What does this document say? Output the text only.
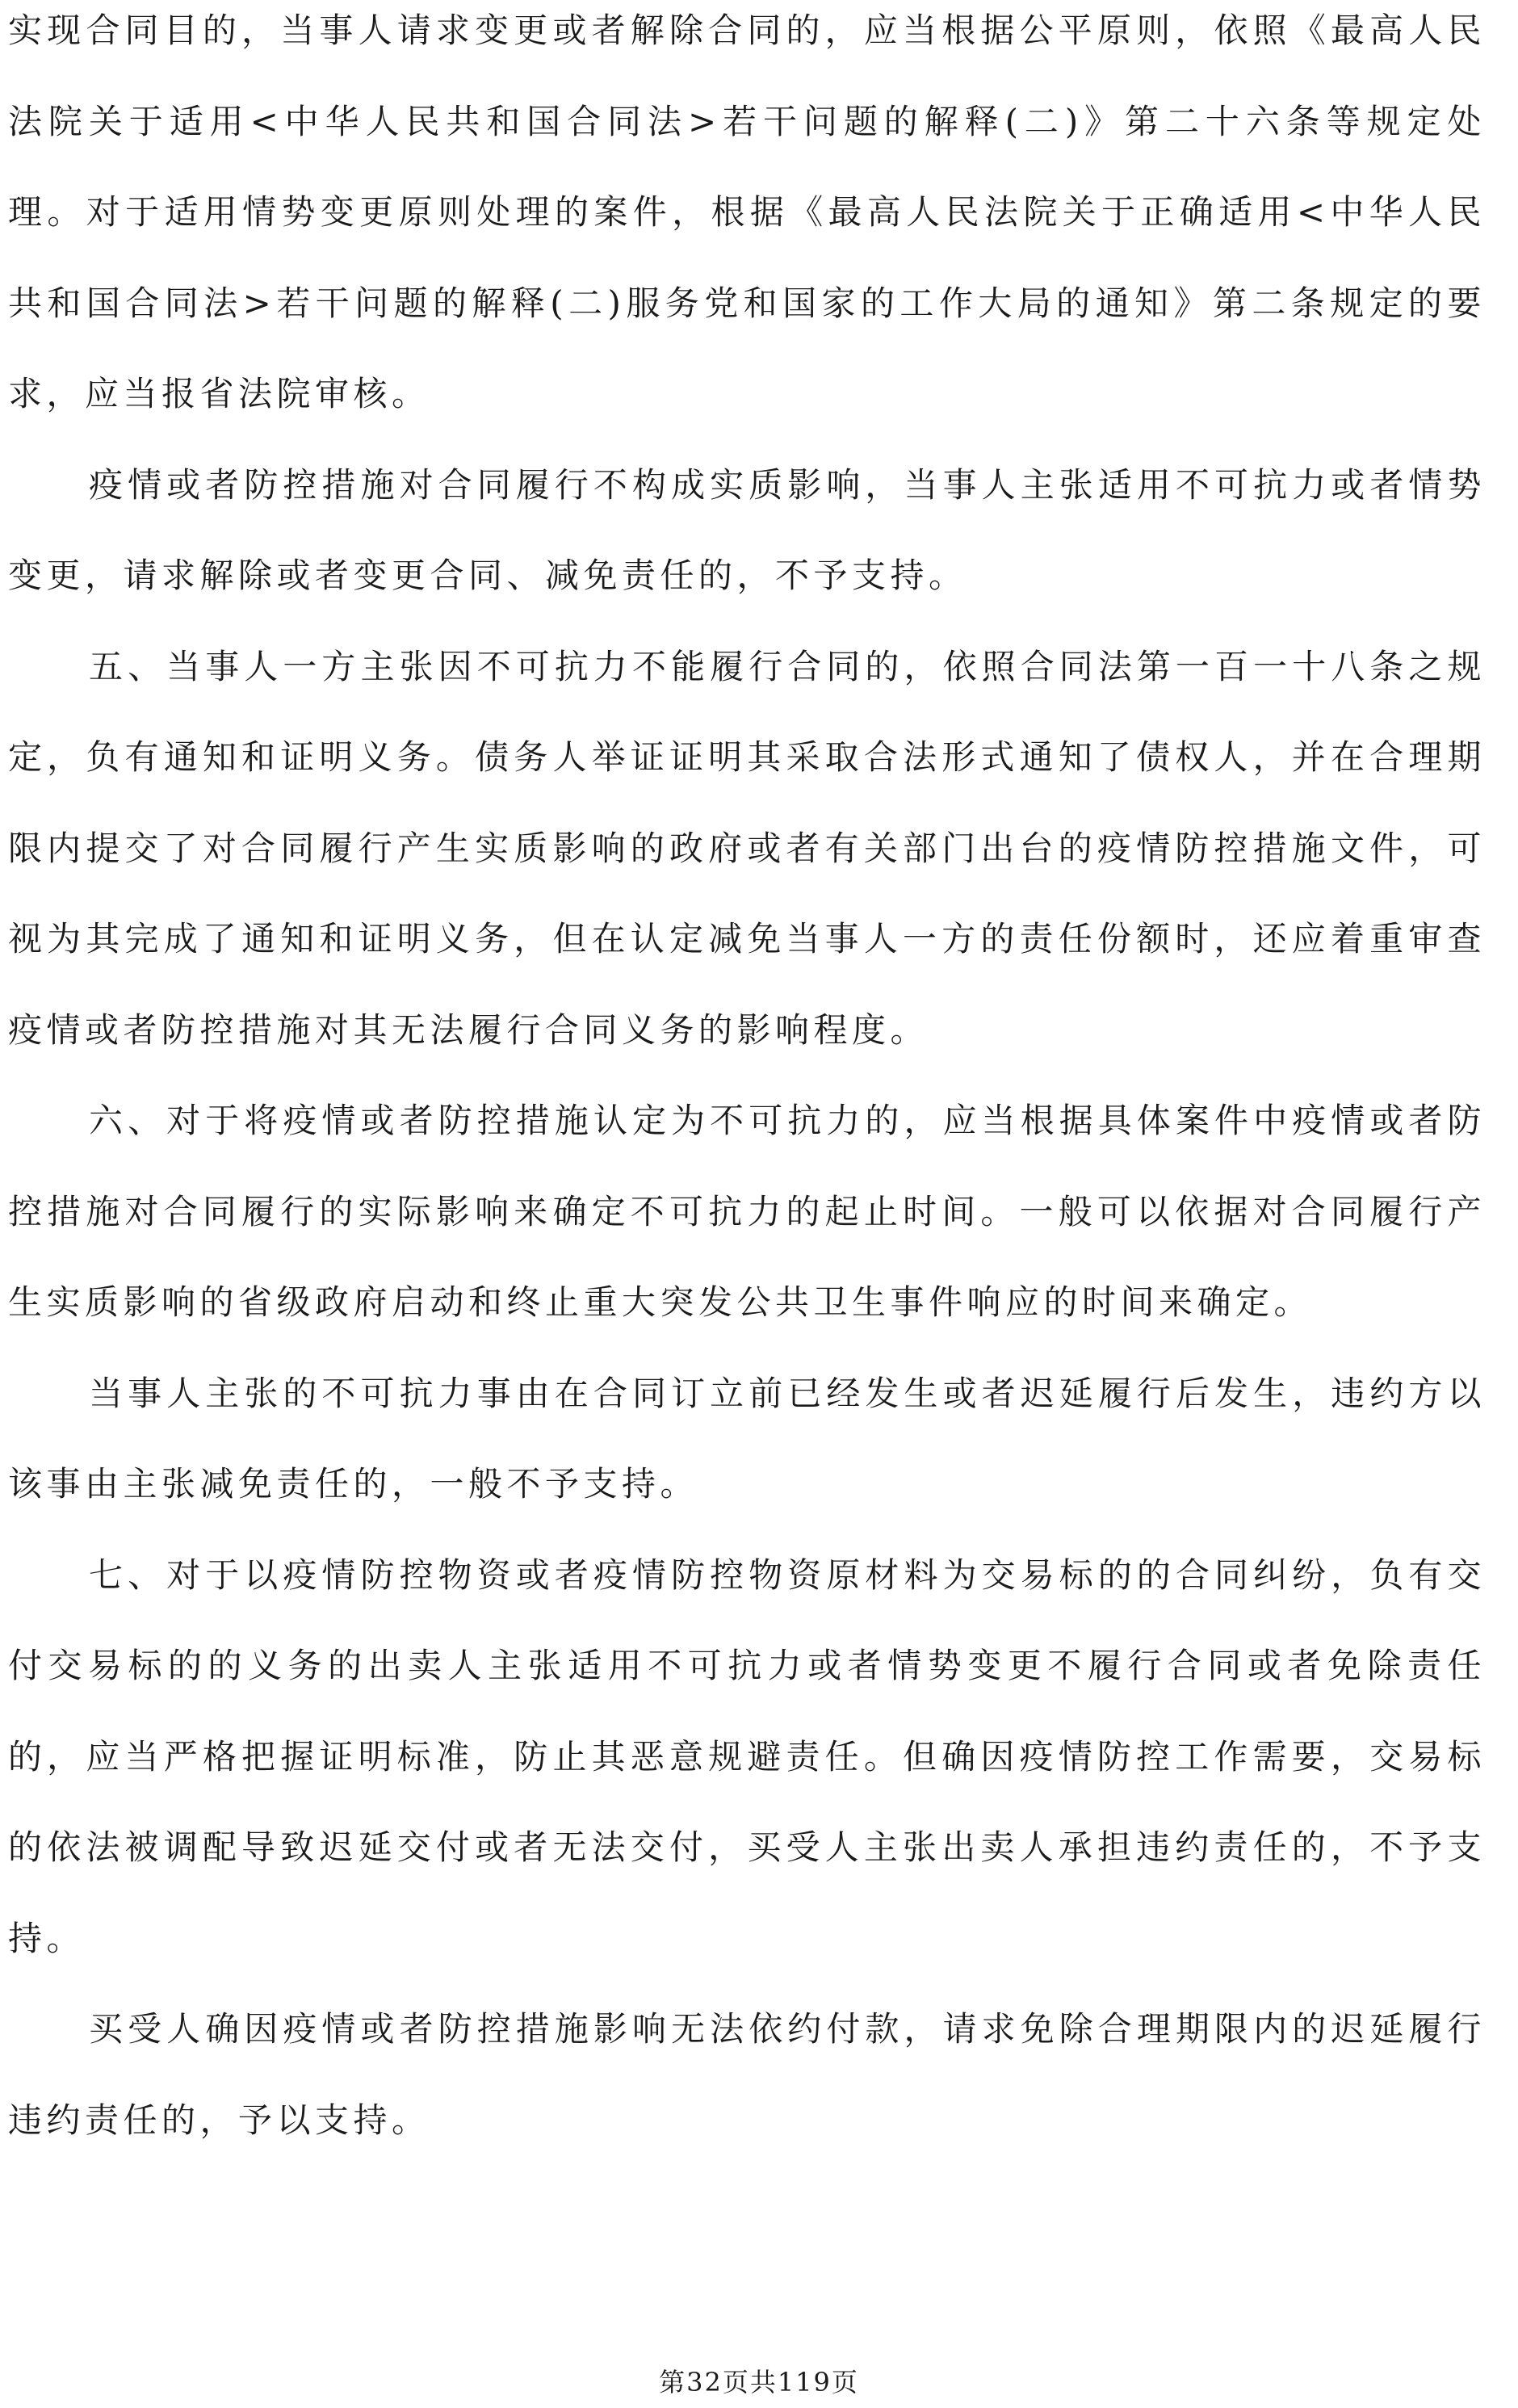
实现合同目的，当事人请求变更或者解除合同的，应当根据公平原则，依照《最高人民法院关于适用<中华人民共和国合同法>若干问题的解释(二)》第二十六条等规定处理。对于适用情势变更原则处理的案件，根据《最高人民法院关于正确适用<中华人民共和国合同法>若干问题的解释(二)服务党和国家的工作大局的通知》第二条规定的要求，应当报省法院审核。

疫情或者防控措施对合同履行不构成实质影响，当事人主张适用不可抗力或者情势变更，请求解除或者变更合同、减免责任的，不予支持。

五、当事人一方主张因不可抗力不能履行合同的，依照合同法第一百一十八条之规定，负有通知和证明义务。债务人举证证明其采取合法形式通知了债权人，并在合理期限内提交了对合同履行产生实质影响的政府或者有关部门出台的疫情防控措施文件，可视为其完成了通知和证明义务，但在认定减免当事人一方的责任份额时，还应着重审查疫情或者防控措施对其无法履行合同义务的影响程度。

六、对于将疫情或者防控措施认定为不可抗力的，应当根据具体案件中疫情或者防控措施对合同履行的实际影响来确定不可抗力的起止时间。一般可以依据对合同履行产生实质影响的省级政府启动和终止重大突发公共卫生事件响应的时间来确定。

当事人主张的不可抗力事由在合同订立前已经发生或者迟延履行后发生，违约方以该事由主张减免责任的，一般不予支持。

七、对于以疫情防控物资或者疫情防控物资原材料为交易标的的合同纠纷，负有交付交易标的的义务的出卖人主张适用不可抗力或者情势变更不履行合同或者免除责任的，应当严格把握证明标准，防止其恶意规避责任。但确因疫情防控工作需要，交易标的依法被调配导致迟延交付或者无法交付，买受人主张出卖人承担违约责任的，不予支持。

买受人确因疫情或者防控措施影响无法依约付款，请求免除合理期限内的迟延履行违约责任的，予以支持。

第32页共119页
